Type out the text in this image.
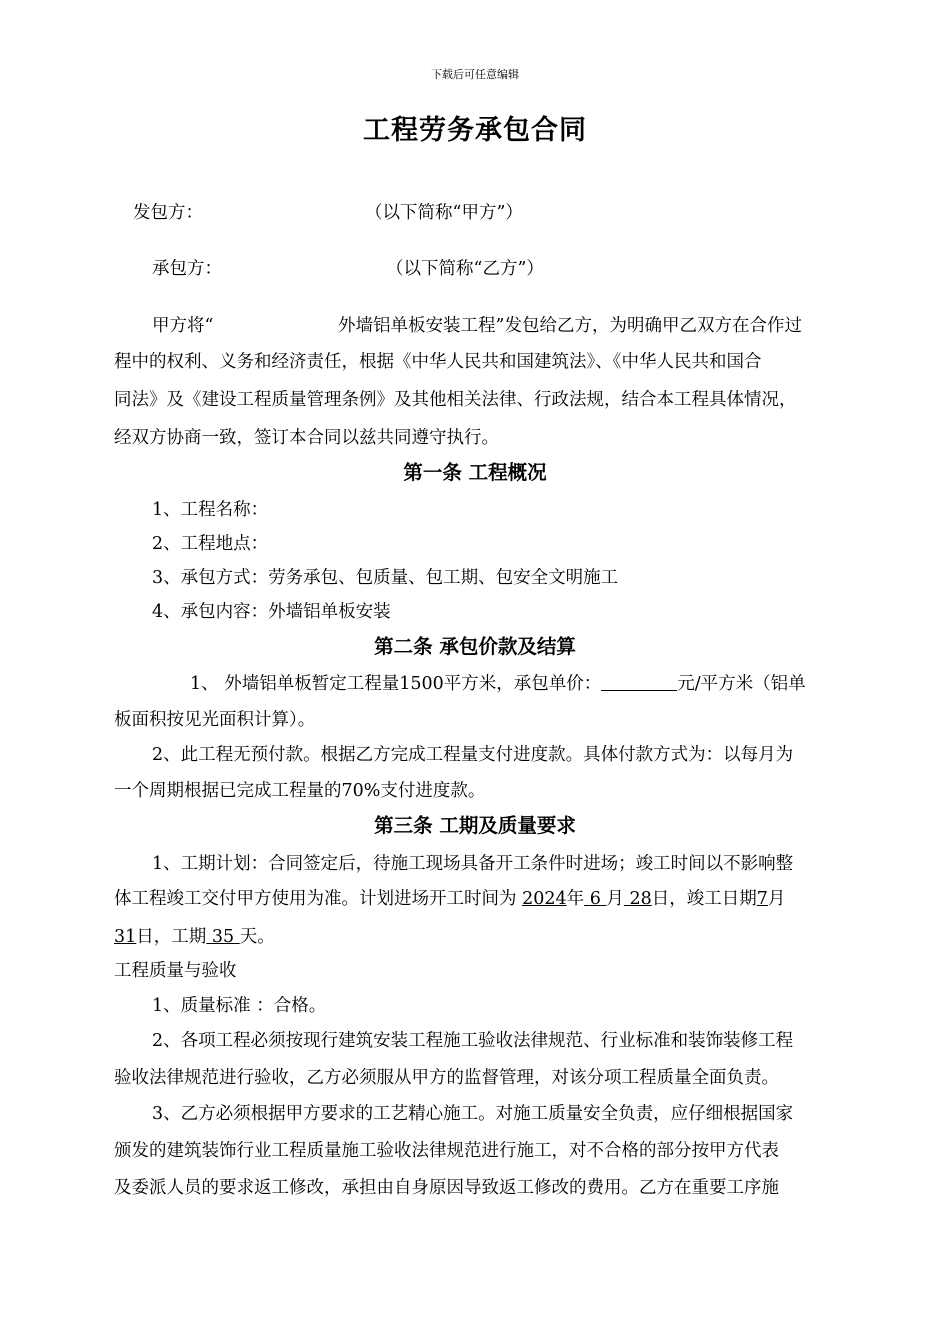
下载后可任意编辑
工程劳务承包合同
发包方：	（以下简称“甲方”）
承包方：	（以下简称“乙方”）
甲方将“	外墙铝单板安装工程”发包给乙方，为明确甲乙双方在合作过
程中的权利、义务和经济责任，根据《中华人民共和国建筑法》、《中华人民共和国合
同法》及《建设工程质量管理条例》及其他相关法律、行政法规，结合本工程具体情况，
经双方协商一致，签订本合同以兹共同遵守执行。
第一条 工程概况
1、工程名称：
2、工程地点：
3、承包方式：劳务承包、包质量、包工期、包安全文明施工
4、承包内容：外墙铝单板安装
第二条 承包价款及结算
1、 外墙铝单板暂定工程量1500平方米，承包单价：	元/平方米（铝单
板面积按见光面积计算）。
2、此工程无预付款。根据乙方完成工程量支付进度款。具体付款方式为：以每月为
一个周期根据已完成工程量的70%支付进度款。
第三条 工期及质量要求
1、工期计划：合同签定后，待施工现场具备开工条件时进场；竣工时间以不影响整
体工程竣工交付甲方使用为准。计划进场开工时间为 2024年 6 月 28日，竣工日期7月
31日，工期 35 天。
工程质量与验收
1、质量标准 ：合格。
2、各项工程必须按现行建筑安装工程施工验收法律规范、行业标准和装饰装修工程
验收法律规范进行验收，乙方必须服从甲方的监督管理，对该分项工程质量全面负责。
3、乙方必须根据甲方要求的工艺精心施工。对施工质量安全负责，应仔细根据国家
颁发的建筑装饰行业工程质量施工验收法律规范进行施工，对不合格的部分按甲方代表
及委派人员的要求返工修改，承担由自身原因导致返工修改的费用。乙方在重要工序施
